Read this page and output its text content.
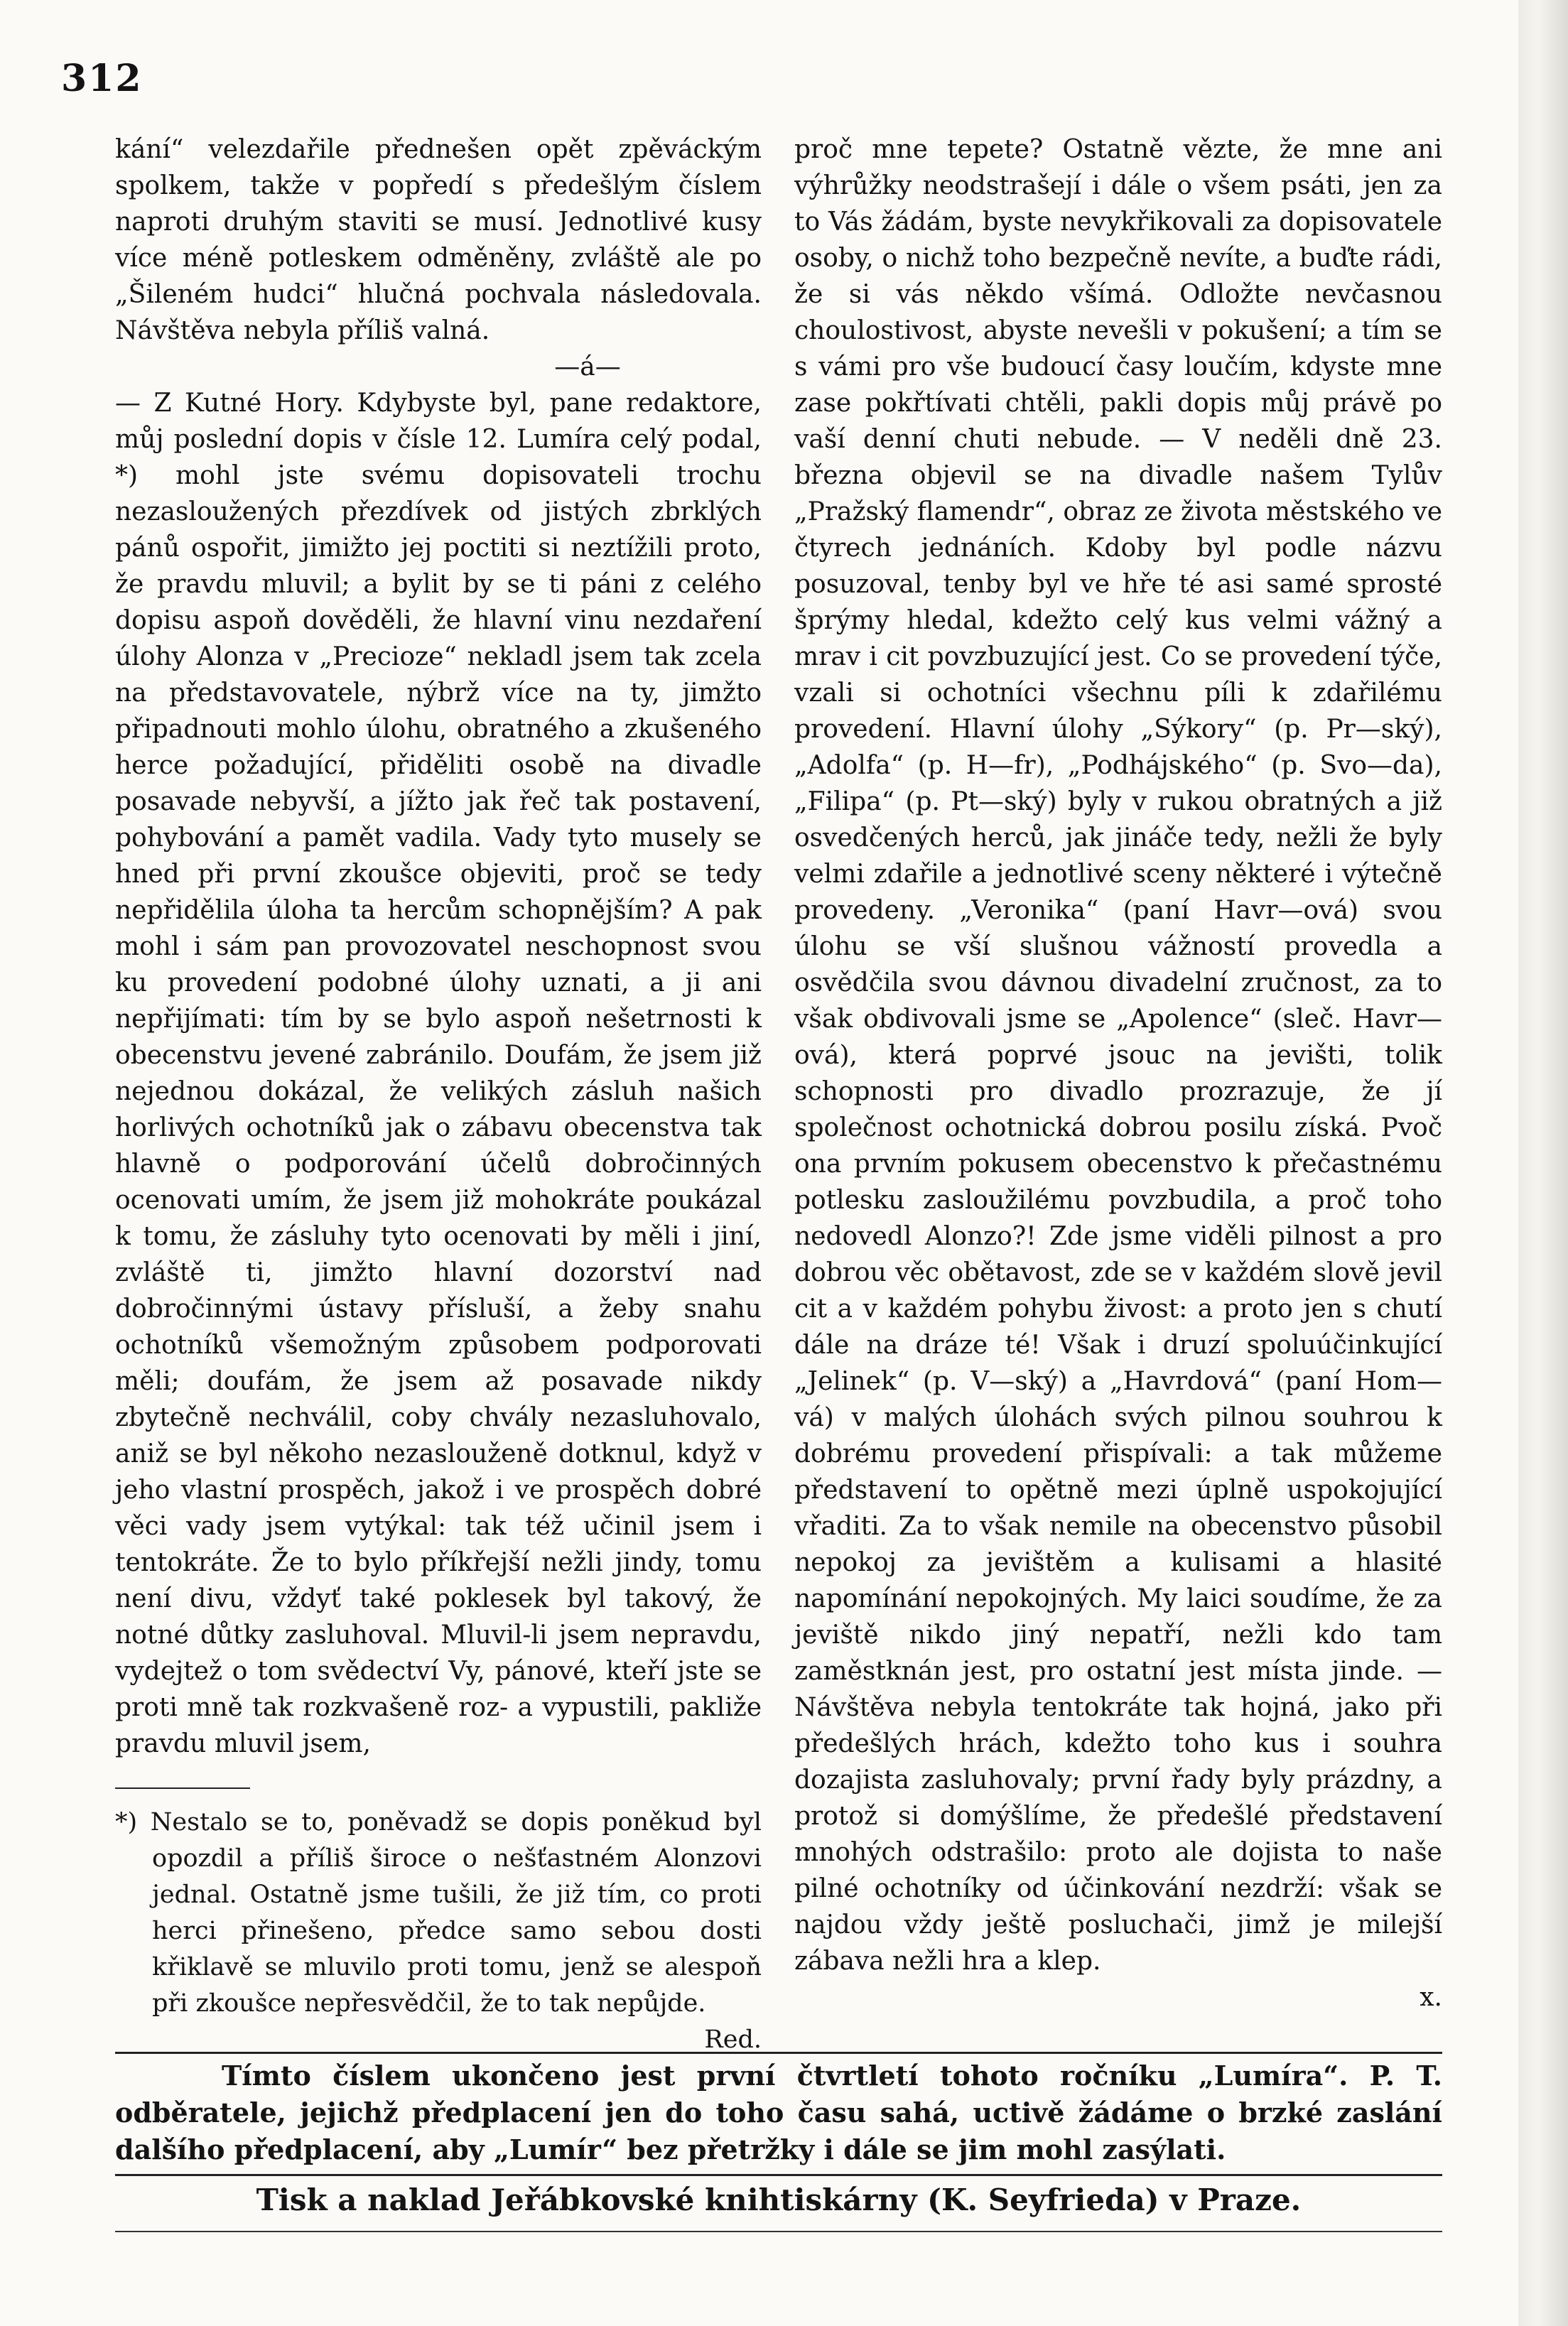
312

kání“ velezdařile přednešen opět zpěváckým spolkem, takže v popředí s předešlým číslem naproti druhým staviti se musí. Jednotlivé kusy více méně potleskem odměněny, zvláště ale po „Šileném hudci“ hlučná pochvala následovala. Návštěva nebyla příliš valná.

—á—

— Z Kutné Hory. Kdybyste byl, pane redaktore, můj poslední dopis v čísle 12. Lumíra celý podal, *) mohl jste svému dopisovateli trochu nezasloužených přezdívek od jistých zbrklých pánů ospořit, jimižto jej poctiti si neztížili proto, že pravdu mluvil; a bylit by se ti páni z celého dopisu aspoň dověděli, že hlavní vinu nezdaření úlohy Alonza v „Precioze“ nekladl jsem tak zcela na představovatele, nýbrž více na ty, jimžto připadnouti mohlo úlohu, obratného a zkušeného herce požadující, přiděliti osobě na divadle posavade nebyvší, a jížto jak řeč tak postavení, pohybování a pamět vadila. Vady tyto musely se hned při první zkoušce objeviti, proč se tedy nepřidělila úloha ta hercům schopnějším? A pak mohl i sám pan provozovatel neschopnost svou ku provedení podobné úlohy uznati, a ji ani nepřijímati: tím by se bylo aspoň nešetrnosti k obecenstvu jevené zabránilo. Doufám, že jsem již nejednou dokázal, že velikých zásluh našich horlivých ochotníků jak o zábavu obecenstva tak hlavně o podporování účelů dobročinných ocenovati umím, že jsem již mohokráte poukázal k tomu, že zásluhy tyto ocenovati by měli i jiní, zvláště ti, jimžto hlavní dozorství nad dobročinnými ústavy přísluší, a žeby snahu ochotníků všemožným způsobem podporovati měli; doufám, že jsem až posavade nikdy zbytečně nechválil, coby chvály nezasluhovalo, aniž se byl někoho nezaslouženě dotknul, když v jeho vlastní prospěch, jakož i ve prospěch dobré věci vady jsem vytýkal: tak též učinil jsem i tentokráte. Že to bylo příkřejší nežli jindy, tomu není divu, vždyť také poklesek byl takový, že notné důtky zasluhoval. Mluvil-li jsem nepravdu, vydejtež o tom svědectví Vy, pánové, kteří jste se proti mně tak rozkvašeně roz- a vypustili, pakliže pravdu mluvil jsem,

*) Nestalo se to, poněvadž se dopis poněkud byl opozdil a příliš široce o nešťastném Alonzovi jednal. Ostatně jsme tušili, že již tím, co proti herci přinešeno, předce samo sebou dosti křiklavě se mluvilo proti tomu, jenž se alespoň při zkoušce nepřesvědčil, že to tak nepůjde.
Red.

proč mne tepete? Ostatně vězte, že mne ani výhrůžky neodstrašejí i dále o všem psáti, jen za to Vás žádám, byste nevykřikovali za dopisovatele osoby, o nichž toho bezpečně nevíte, a buďte rádi, že si vás někdo všímá. Odložte nevčasnou choulostivost, abyste nevešli v pokušení; a tím se s vámi pro vše budoucí časy loučím, kdyste mne zase pokřtívati chtěli, pakli dopis můj právě po vaší denní chuti nebude. — V neděli dně 23. března objevil se na divadle našem Tylův „Pražský flamendr“, obraz ze života městského ve čtyrech jednáních. Kdoby byl podle názvu posuzoval, tenby byl ve hře té asi samé sprosté šprýmy hledal, kdežto celý kus velmi vážný a mrav i cit povzbuzující jest. Co se provedení týče, vzali si ochotníci všechnu píli k zdařilému provedení. Hlavní úlohy „Sýkory“ (p. Pr—ský), „Adolfa“ (p. H—fr), „Podhájského“ (p. Svo—da), „Filipa“ (p. Pt—ský) byly v rukou obratných a již osvedčených herců, jak jináče tedy, nežli že byly velmi zdařile a jednotlivé sceny některé i výtečně provedeny. „Veronika“ (paní Havr—ová) svou úlohu se vší slušnou vážností provedla a osvědčila svou dávnou divadelní zručnost, za to však obdivovali jsme se „Apolence“ (sleč. Havr—ová), která poprvé jsouc na jevišti, tolik schopnosti pro divadlo prozrazuje, že jí společnost ochotnická dobrou posilu získá. Pvoč ona prvním pokusem obecenstvo k přečastnému potlesku zasloužilému povzbudila, a proč toho nedovedl Alonzo?! Zde jsme viděli pilnost a pro dobrou věc obětavost, zde se v každém slově jevil cit a v každém pohybu živost: a proto jen s chutí dále na dráze té! Však i druzí spoluúčinkující „Jelinek“ (p. V—ský) a „Havrdová“ (paní Hom—vá) v malých úlohách svých pilnou souhrou k dobrému provedení přispívali: a tak můžeme představení to opětně mezi úplně uspokojující vřaditi. Za to však nemile na obecenstvo působil nepokoj za jevištěm a kulisami a hlasité napomínání nepokojných. My laici soudíme, že za jeviště nikdo jiný nepatří, nežli kdo tam zaměstknán jest, pro ostatní jest místa jinde. — Návštěva nebyla tentokráte tak hojná, jako při předešlých hrách, kdežto toho kus i souhra dozajista zasluhovaly; první řady byly prázdny, a protož si domýšlíme, že předešlé představení mnohých odstrašilo: proto ale dojista to naše pilné ochotníky od účinkování nezdrží: však se najdou vždy ještě posluchači, jimž je milejší zábava nežli hra a klep.

x.

Tímto číslem ukončeno jest první čtvrtletí tohoto ročníku „Lumíra“. P. T. odběratele, jejichž předplacení jen do toho času sahá, uctivě žádáme o brzké zaslání dalšího předplacení, aby „Lumír“ bez přetržky i dále se jim mohl zasýlati.

Tisk a naklad Jeřábkovské knihtiskárny (K. Seyfrieda) v Praze.
